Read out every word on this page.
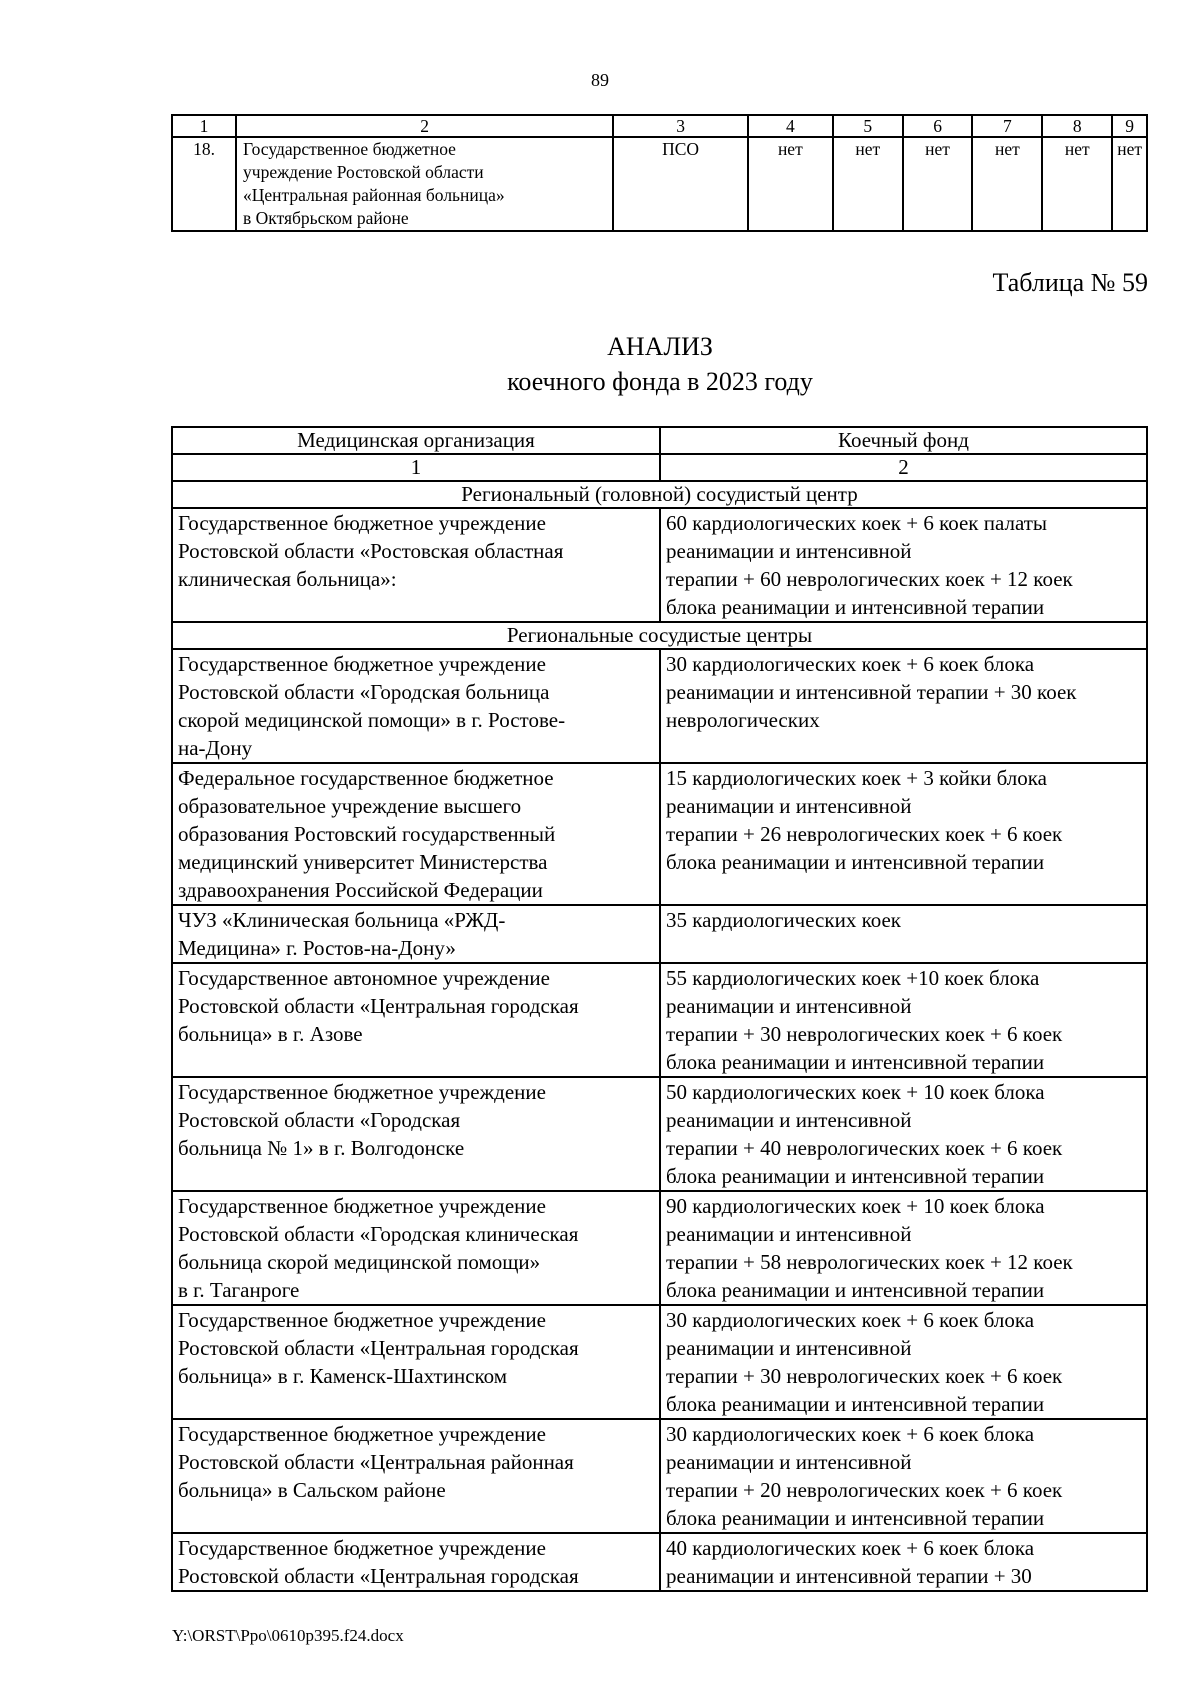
89
1	2	3	4	5	6	7	8	9
18.	Государственное бюджетное
учреждение Ростовской области
«Центральная районная больница»
в Октябрьском районе	ПСО	нет	нет	нет	нет	нет	нет
Таблица № 59
АНАЛИЗ
коечного фонда в 2023 году
Медицинская организация	Коечный фонд
1	2
Региональный (головной) сосудистый центр	

Государственное бюджетное учреждение
Ростовской области «Ростовская областная
клиническая больница»:	60 кардиологических коек + 6 коек палаты
реанимации и интенсивной
терапии + 60 неврологических коек + 12 коек
блока реанимации и интенсивной терапии

Региональные сосудистые центры	

Государственное бюджетное учреждение
Ростовской области «Городская больница
скорой медицинской помощи» в г. Ростове-
на-Дону	30 кардиологических коек + 6 коек блока
реанимации и интенсивной терапии + 30 коек
неврологических

Федеральное государственное бюджетное
образовательное учреждение высшего
образования Ростовский государственный
медицинский университет Министерства
здравоохранения Российской Федерации	15 кардиологических коек + 3 койки блока
реанимации и интенсивной
терапии + 26 неврологических коек + 6 коек
блока реанимации и интенсивной терапии

ЧУЗ «Клиническая больница «РЖД-
Медицина» г. Ростов-на-Дону»	35 кардиологических коек

Государственное автономное учреждение
Ростовской области «Центральная городская
больница» в г. Азове	55 кардиологических коек +10 коек блока
реанимации и интенсивной
терапии + 30 неврологических коек + 6 коек
блока реанимации и интенсивной терапии

Государственное бюджетное учреждение
Ростовской области «Городская
больница № 1» в г. Волгодонске	50 кардиологических коек + 10 коек блока
реанимации и интенсивной
терапии + 40 неврологических коек + 6 коек
блока реанимации и интенсивной терапии

Государственное бюджетное учреждение
Ростовской области «Городская клиническая
больница скорой медицинской помощи»
в г. Таганроге	90 кардиологических коек + 10 коек блока
реанимации и интенсивной
терапии + 58 неврологических коек + 12 коек
блока реанимации и интенсивной терапии

Государственное бюджетное учреждение
Ростовской области «Центральная городская
больница» в г. Каменск-Шахтинском	30 кардиологических коек + 6 коек блока
реанимации и интенсивной
терапии + 30 неврологических коек + 6 коек
блока реанимации и интенсивной терапии

Государственное бюджетное учреждение
Ростовской области «Центральная районная
больница» в Сальском районе	30 кардиологических коек + 6 коек блока
реанимации и интенсивной
терапии + 20 неврологических коек + 6 коек
блока реанимации и интенсивной терапии

Государственное бюджетное учреждение
Ростовской области «Центральная городская	40 кардиологических коек + 6 коек блока
реанимации и интенсивной терапии + 30
Y:\ORST\Ppo\0610p395.f24.docx
